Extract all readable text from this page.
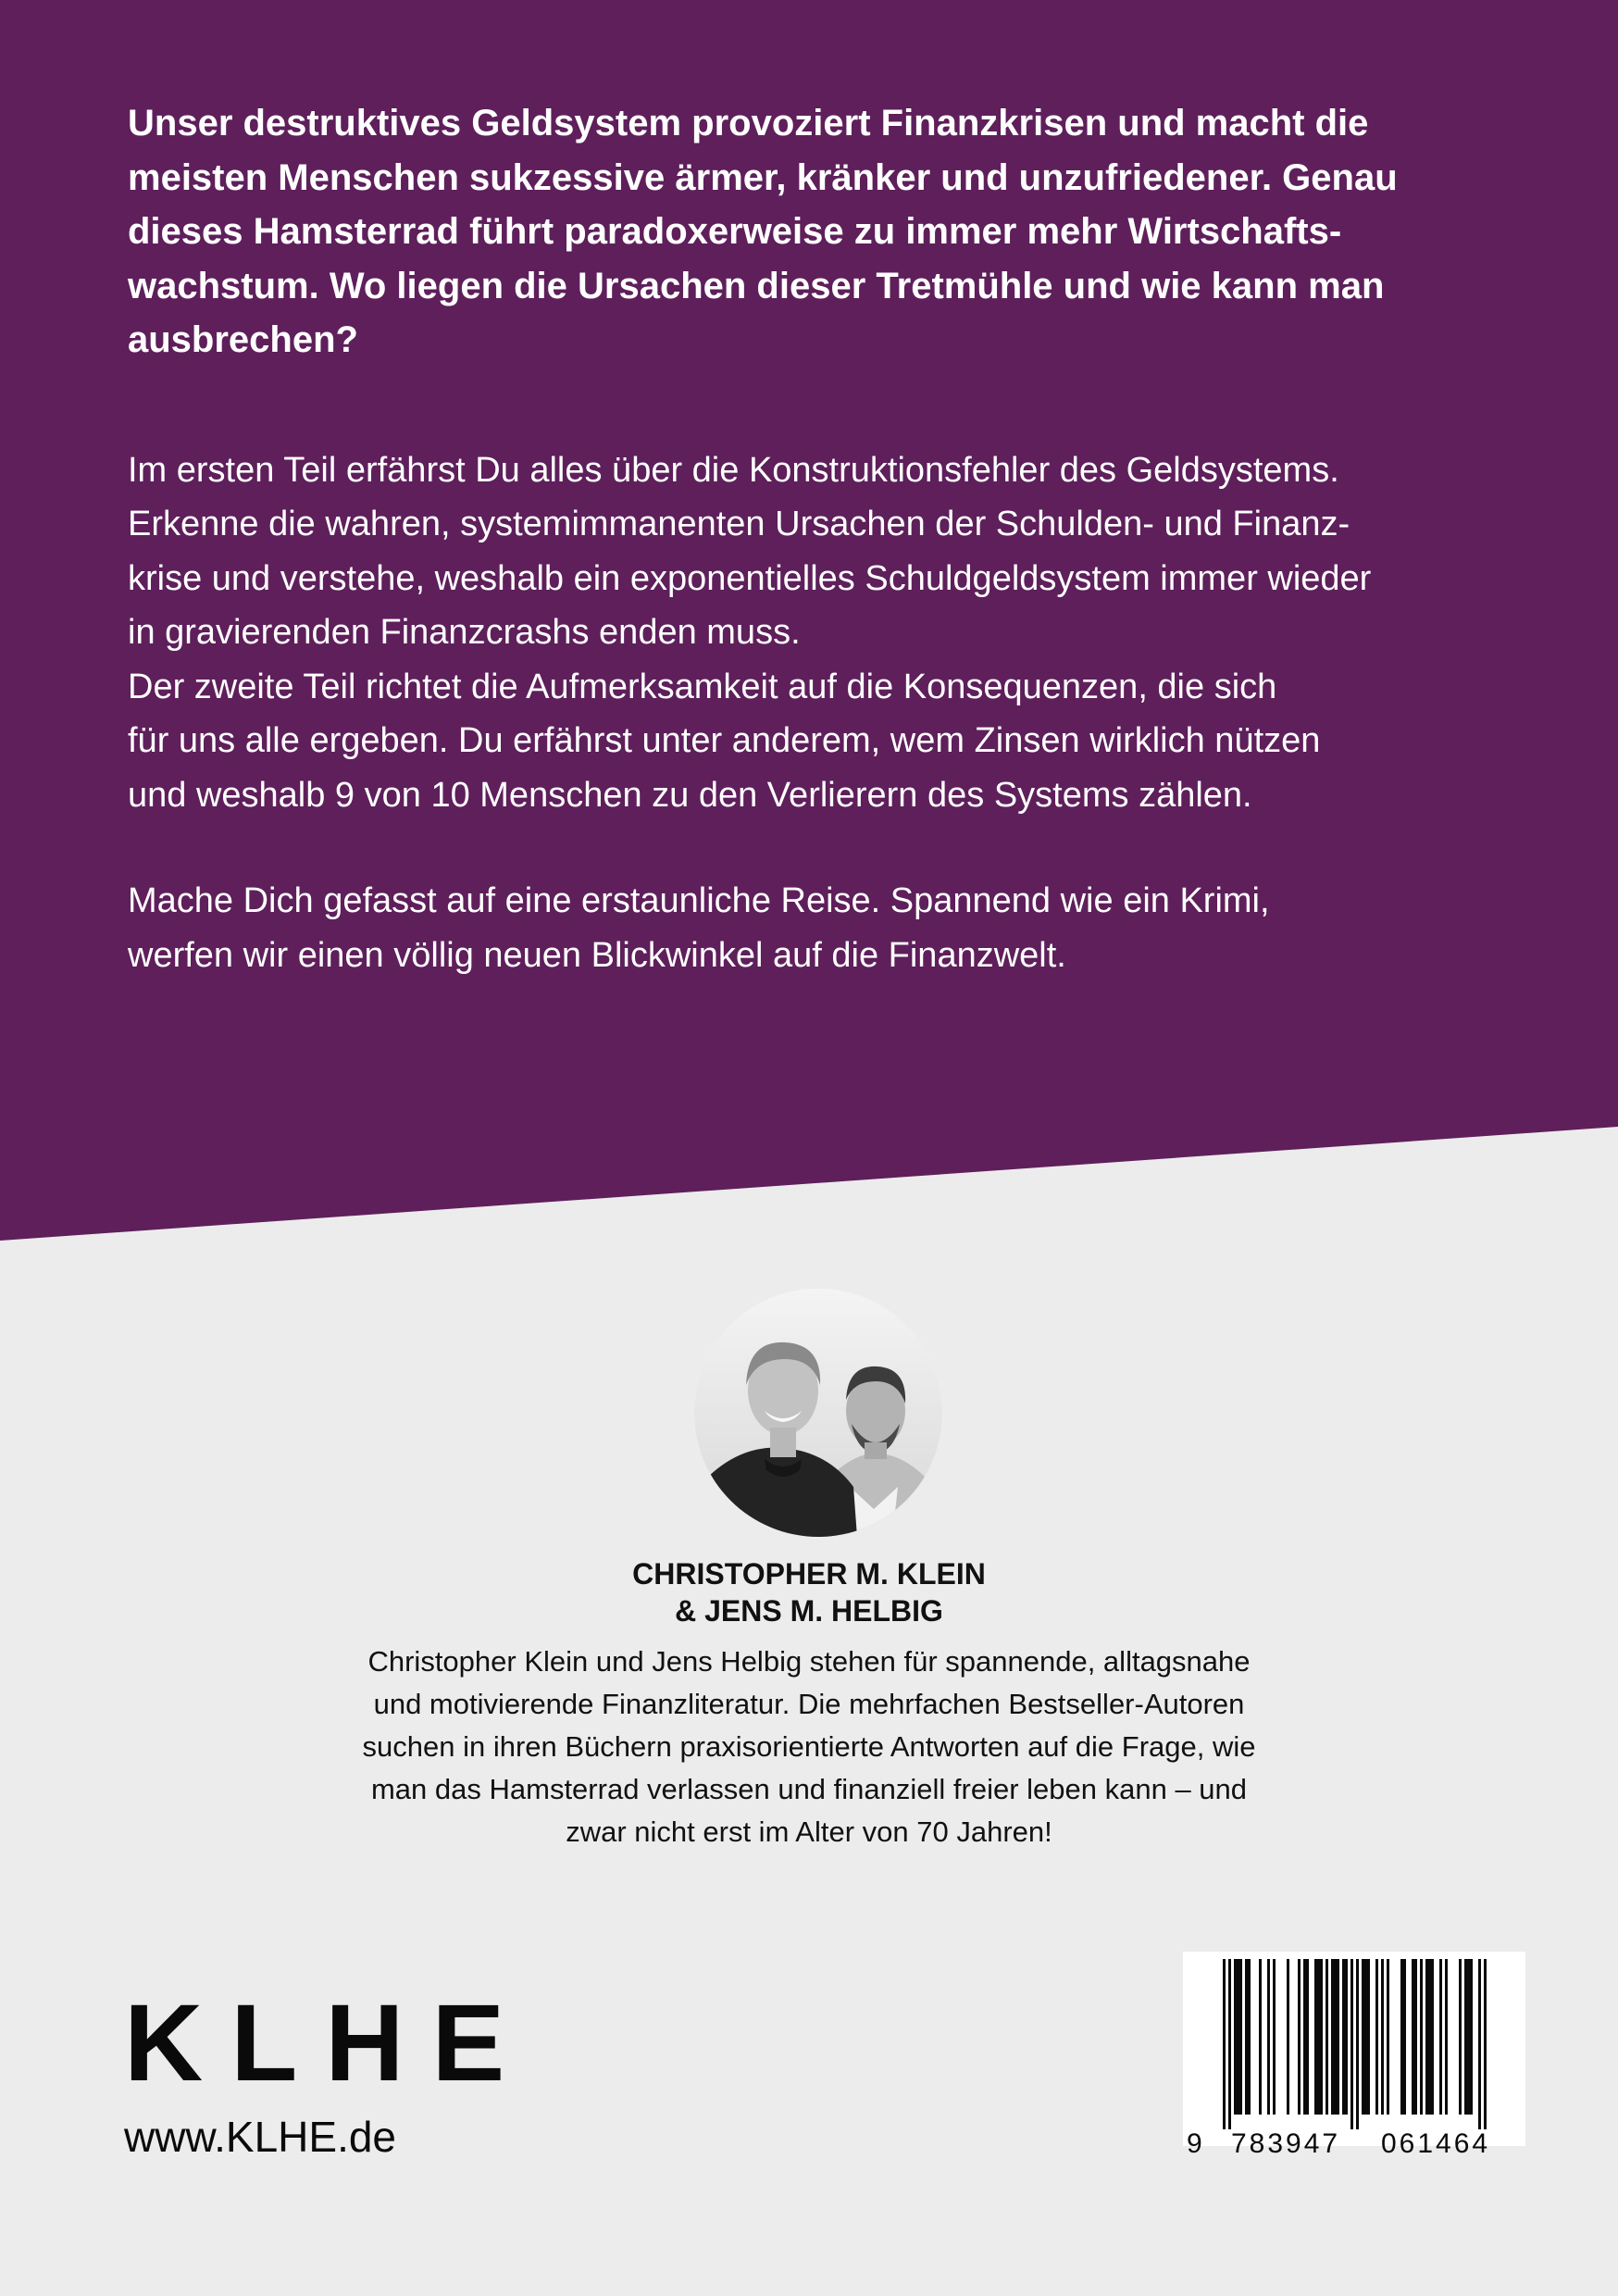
Unser destruktives Geldsystem provoziert Finanzkrisen und macht die

meisten Menschen sukzessive ärmer, kränker und unzufriedener. Genau

dieses Hamsterrad führt paradoxerweise zu immer mehr Wirtschafts-

wachstum. Wo liegen die Ursachen dieser Tretmühle und wie kann man

ausbrechen?

Im ersten Teil erfährst Du alles über die Konstruktionsfehler des Geldsystems.

Erkenne die wahren, systemimmanenten Ursachen der Schulden- und Finanz-

krise und verstehe, weshalb ein exponentielles Schuldgeldsystem immer wieder

in gravierenden Finanzcrashs enden muss.

Der zweite Teil richtet die Aufmerksamkeit auf die Konsequenzen, die sich

für uns alle ergeben. Du erfährst unter anderem, wem Zinsen wirklich nützen

und weshalb 9 von 10 Menschen zu den Verlierern des Systems zählen.

Mache Dich gefasst auf eine erstaunliche Reise. Spannend wie ein Krimi,

werfen wir einen völlig neuen Blickwinkel auf die Finanzwelt.

CHRISTOPHER M. KLEIN

& JENS M. HELBIG

Christopher Klein und Jens Helbig stehen für spannende, alltagsnahe
und motivierende Finanzliteratur. Die mehrfachen Bestseller-Autoren
suchen in ihren Büchern praxisorientierte Antworten auf die Frage, wie
man das Hamsterrad verlassen und finanziell freier leben kann – und
zwar nicht erst im Alter von 70 Jahren!

KLHE

www.KLHE.de	9 783947 061464
